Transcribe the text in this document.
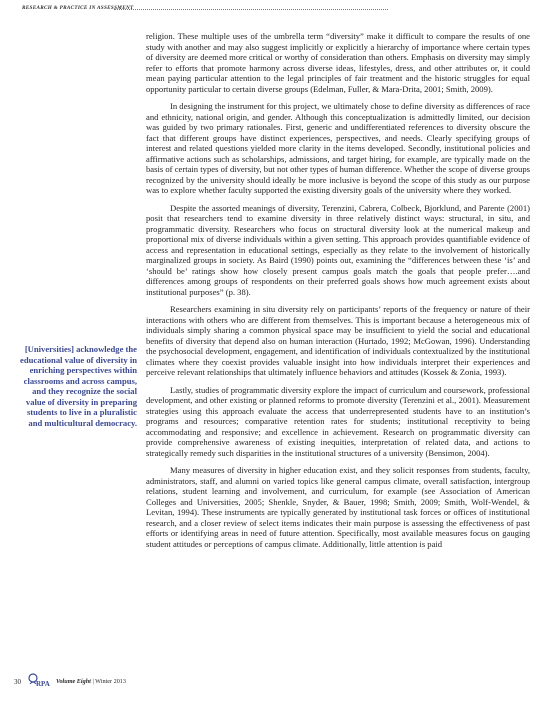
RESEARCH & PRACTICE IN ASSESSMENT
[Universities] acknowledge the educational value of diversity in enriching perspectives within classrooms and across campus, and they recognize the social value of diversity in preparing students to live in a pluralistic and multicultural democracy.

religion. These multiple uses of the umbrella term “diversity” make it difficult to compare the results of one study with another and may also suggest implicitly or explicitly a hierarchy of importance where certain types of diversity are deemed more critical or worthy of consideration than others. Emphasis on diversity may simply refer to efforts that promote harmony across diverse ideas, lifestyles, dress, and other attributes or, it could mean paying particular attention to the legal principles of fair treatment and the historic struggles for equal opportunity particular to certain diverse groups (Edelman, Fuller, & Mara-Drita, 2001; Smith, 2009).

In designing the instrument for this project, we ultimately chose to define diversity as differences of race and ethnicity, national origin, and gender. Although this conceptualization is admittedly limited, our decision was guided by two primary rationales. First, generic and undifferentiated references to diversity obscure the fact that different groups have distinct experiences, perspectives, and needs. Clearly specifying groups of interest and related questions yielded more clarity in the items developed. Secondly, institutional policies and affirmative actions such as scholarships, admissions, and target hiring, for example, are typically made on the basis of certain types of diversity, but not other types of human difference. Whether the scope of diverse groups recognized by the university should ideally be more inclusive is beyond the scope of this study as our purpose was to explore whether faculty supported the existing diversity goals of the university where they worked.

Despite the assorted meanings of diversity, Terenzini, Cabrera, Colbeck, Bjorklund, and Parente (2001) posit that researchers tend to examine diversity in three relatively distinct ways: structural, in situ, and programmatic diversity. Researchers who focus on structural diversity look at the numerical makeup and proportional mix of diverse individuals within a given setting. This approach provides quantifiable evidence of access and representation in educational settings, especially as they relate to the involvement of historically marginalized groups in society. As Baird (1990) points out, examining the “differences between these ‘is’ and ‘should be’ ratings show how closely present campus goals match the goals that people prefer….and differences among groups of respondents on their preferred goals shows how much agreement exists about institutional purposes” (p. 38).

Researchers examining in situ diversity rely on participants’ reports of the frequency or nature of their interactions with others who are different from themselves. This is important because a heterogeneous mix of individuals simply sharing a common physical space may be insufficient to yield the social and educational benefits of diversity that depend also on human interaction (Hurtado, 1992; McGowan, 1996). Understanding the psychosocial development, engagement, and identification of individuals contextualized by the institutional climates where they coexist provides valuable insight into how individuals interpret their experiences and perceive relevant relationships that ultimately influence behaviors and attitudes (Kossek & Zonia, 1993).

Lastly, studies of programmatic diversity explore the impact of curriculum and coursework, professional development, and other existing or planned reforms to promote diversity (Terenzini et al., 2001). Measurement strategies using this approach evaluate the access that underrepresented students have to an institution’s programs and resources; comparative retention rates for students; institutional receptivity to being accommodating and responsive; and excellence in achievement. Research on programmatic diversity can provide comprehensive awareness of existing inequities, interpretation of related data, and actions to strategically remedy such disparities in the institutional structures of a university (Bensimon, 2004).

Many measures of diversity in higher education exist, and they solicit responses from students, faculty, administrators, staff, and alumni on varied topics like general campus climate, overall satisfaction, intergroup relations, student learning and involvement, and curriculum, for example (see Association of American Colleges and Universities, 2005; Shenkle, Snyder, & Bauer, 1998; Smith, 2009; Smith, Wolf-Wendel, & Levitan, 1994). These instruments are typically generated by institutional task forces or offices of institutional research, and a closer review of select items indicates their main purpose is assessing the effectiveness of past efforts or identifying areas in need of future attention. Specifically, most available measures focus on gauging student attitudes or perceptions of campus climate. Additionally, little attention is paid

30 RPA Volume Eight | Winter 2013
